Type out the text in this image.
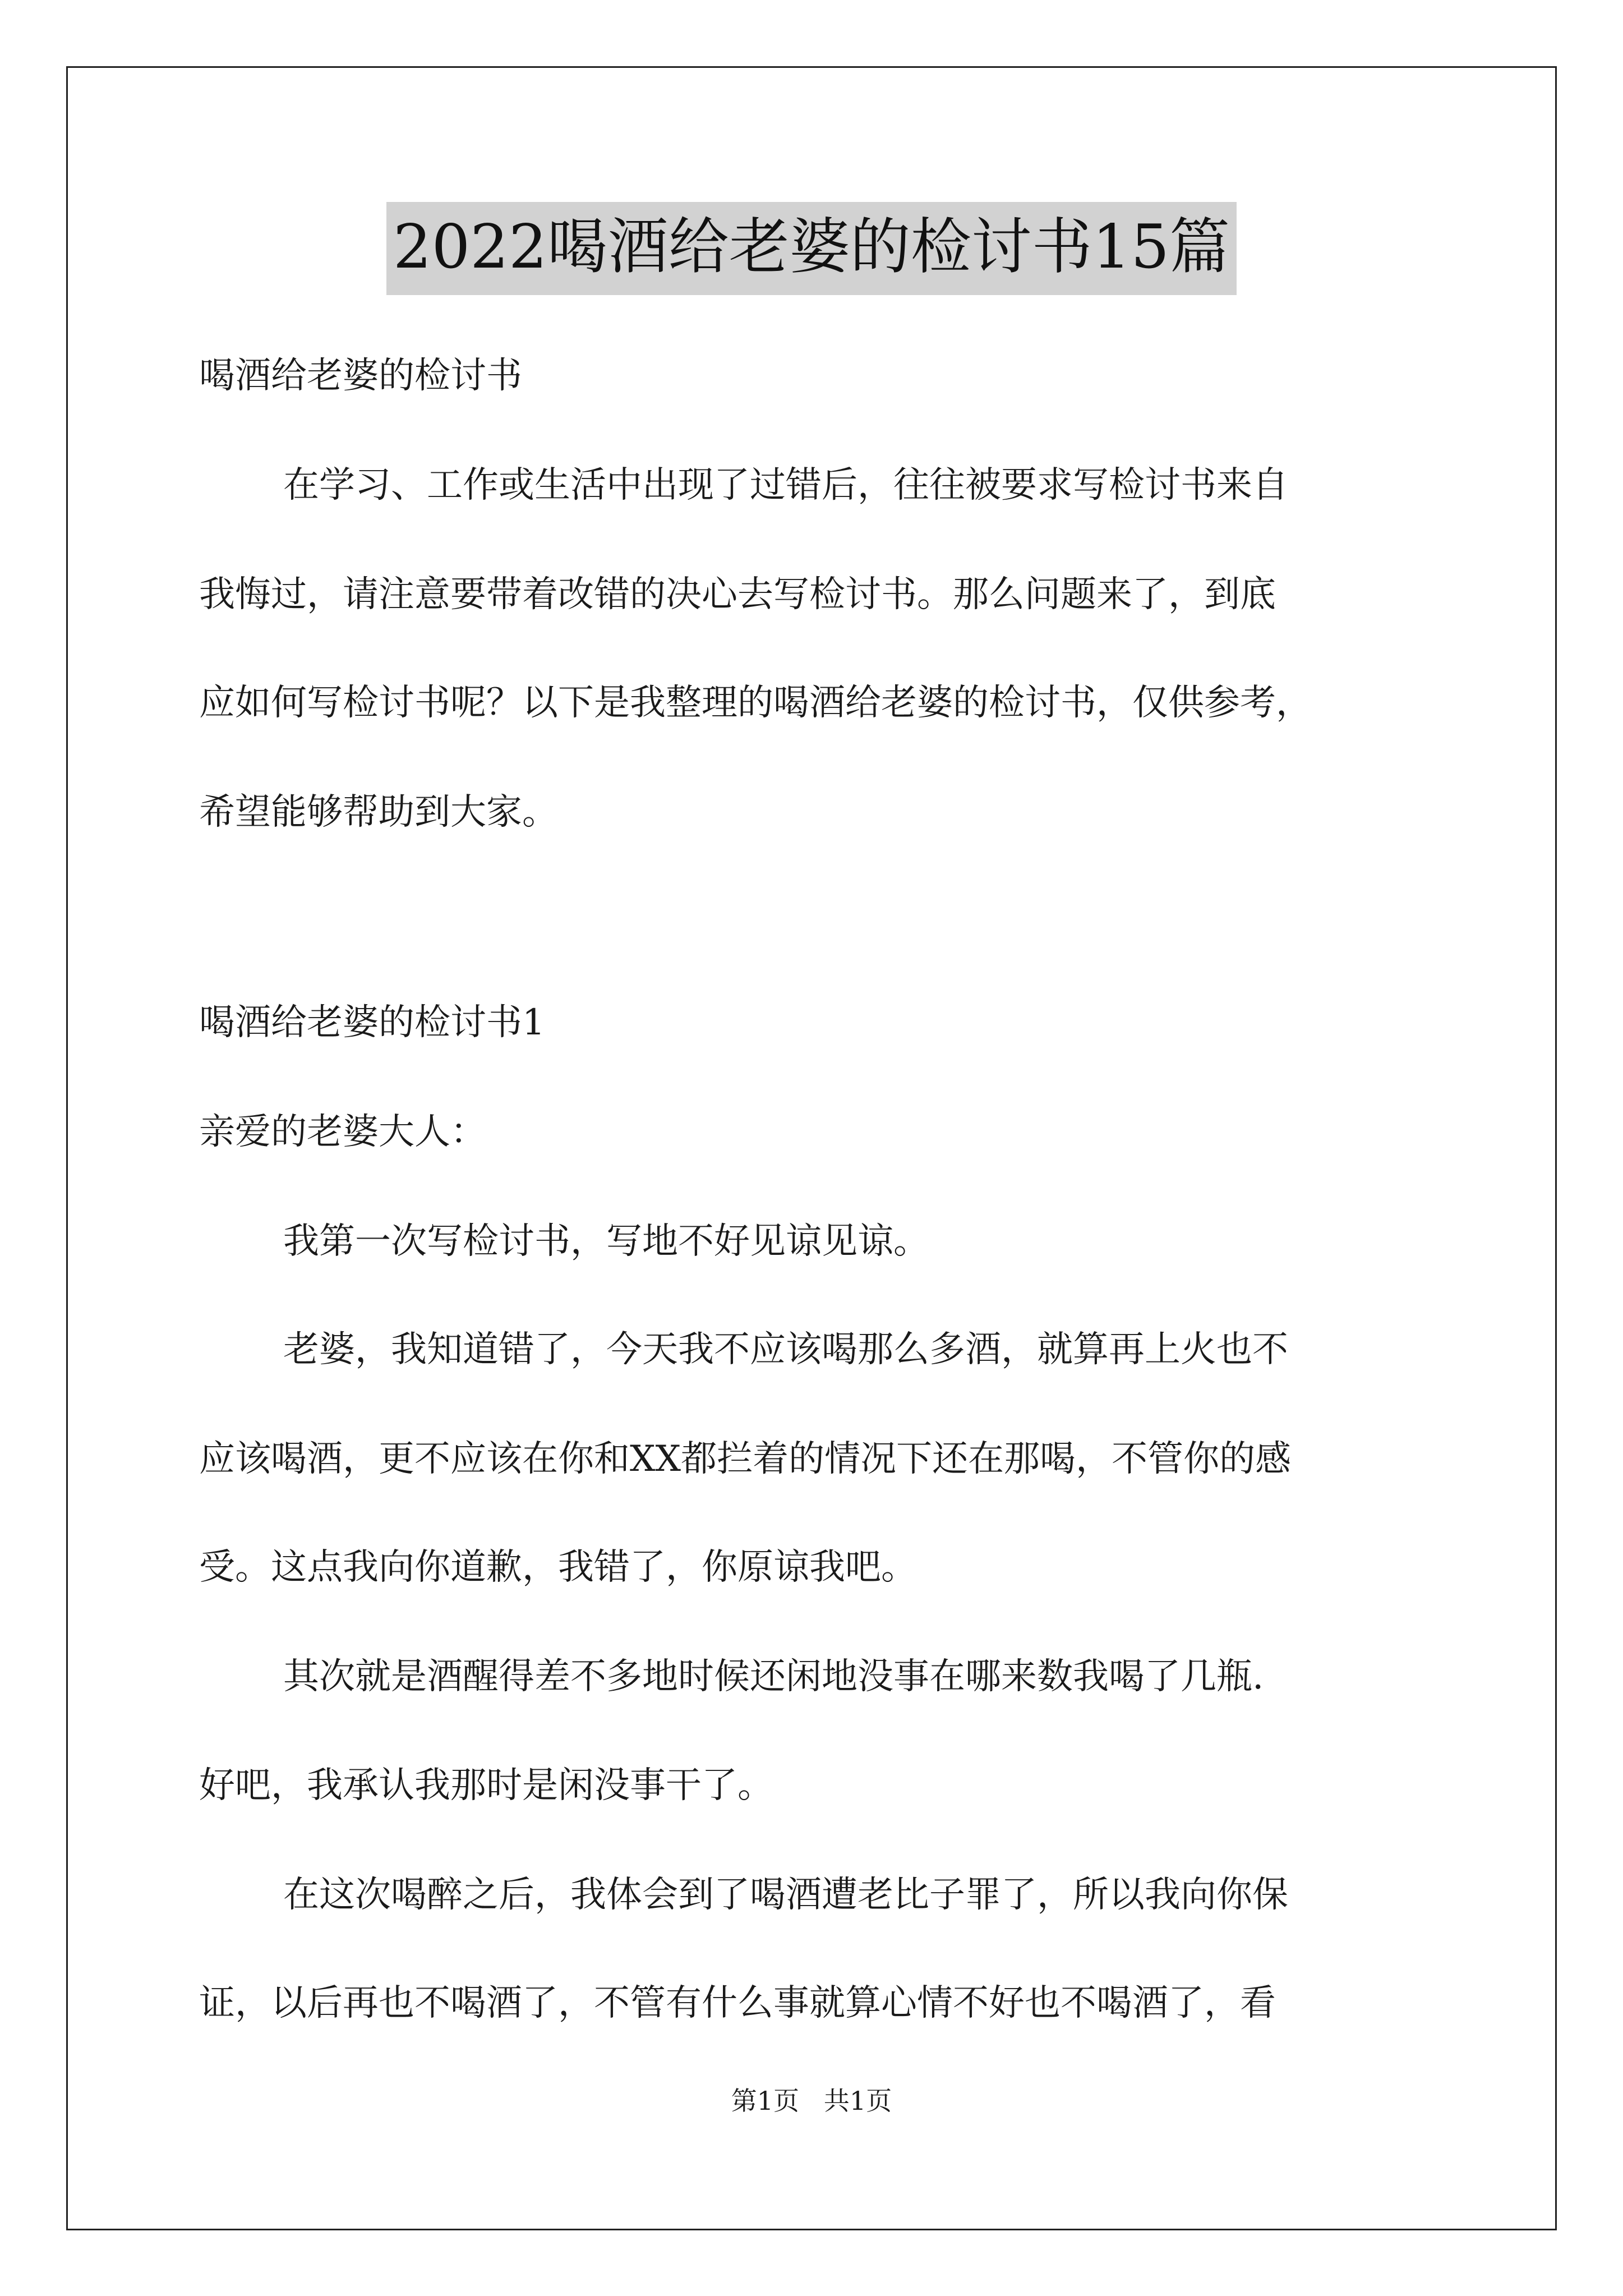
2022喝酒给老婆的检讨书15篇
喝酒给老婆的检讨书
在学习、工作或生活中出现了过错后，往往被要求写检讨书来自
我悔过，请注意要带着改错的决心去写检讨书。那么问题来了，到底
应如何写检讨书呢？以下是我整理的喝酒给老婆的检讨书，仅供参考，
希望能够帮助到大家。
喝酒给老婆的检讨书1
亲爱的老婆大人：
我第一次写检讨书，写地不好见谅见谅。
老婆，我知道错了，今天我不应该喝那么多酒，就算再上火也不
应该喝酒，更不应该在你和XX都拦着的情况下还在那喝，不管你的感
受。这点我向你道歉，我错了，你原谅我吧。
其次就是酒醒得差不多地时候还闲地没事在哪来数我喝了几瓶.
好吧，我承认我那时是闲没事干了。
在这次喝醉之后，我体会到了喝酒遭老比子罪了，所以我向你保
证，以后再也不喝酒了，不管有什么事就算心情不好也不喝酒了，看
第1页   共1页
